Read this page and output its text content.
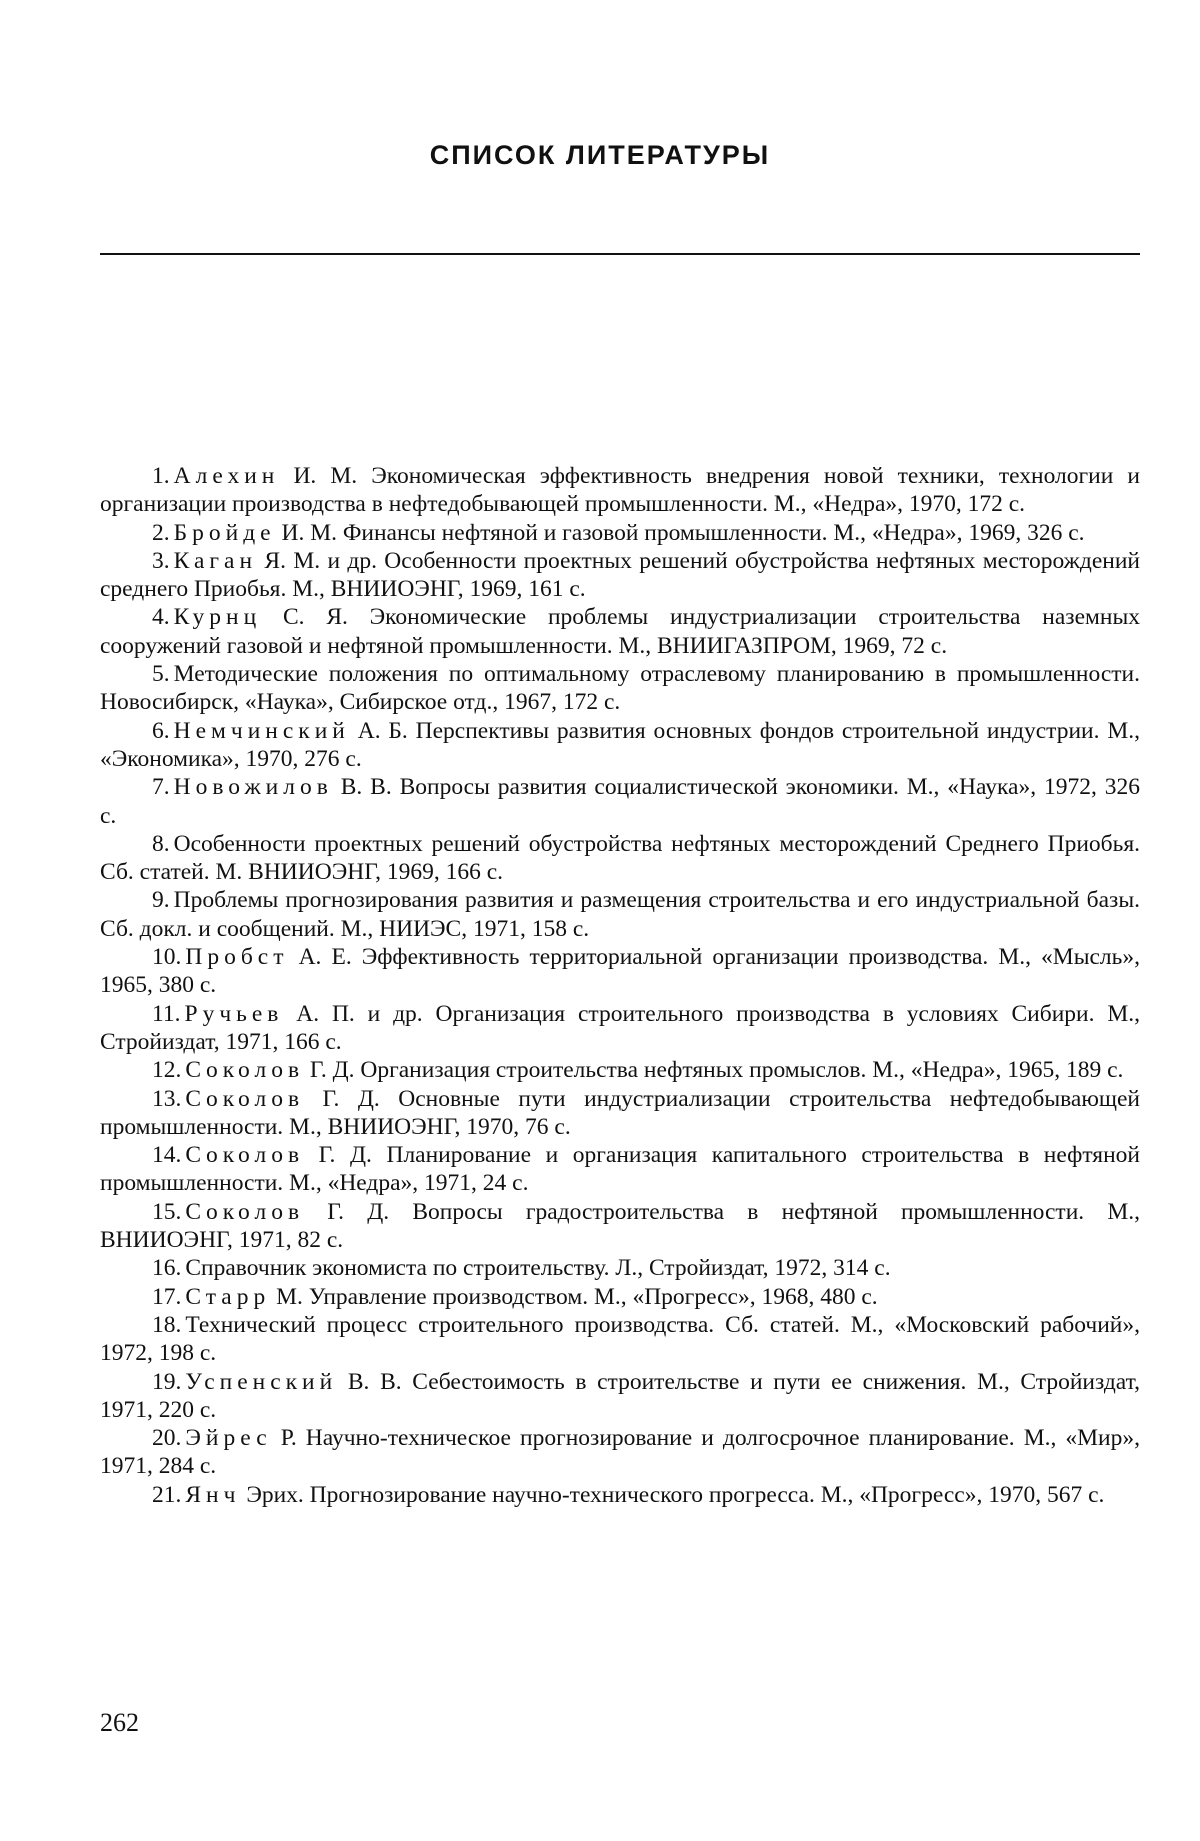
СПИСОК ЛИТЕРАТУРЫ
1. Алехин И. М. Экономическая эффективность внедрения новой техники, технологии и организации производства в нефтедобывающей промышленности. М., «Недра», 1970, 172 с.
2. Бройде И. М. Финансы нефтяной и газовой промышленности. М., «Недра», 1969, 326 с.
3. Каган Я. М. и др. Особенности проектных решений обустройства нефтяных месторождений среднего Приобья. М., ВНИИОЭНГ, 1969, 161 с.
4. Курнц С. Я. Экономические проблемы индустриализации строительства наземных сооружений газовой и нефтяной промышленности. М., ВНИИГАЗПРОМ, 1969, 72 с.
5. Методические положения по оптимальному отраслевому планированию в промышленности. Новосибирск, «Наука», Сибирское отд., 1967, 172 с.
6. Немчинский А. Б. Перспективы развития основных фондов строительной индустрии. М., «Экономика», 1970, 276 с.
7. Новожилов В. В. Вопросы развития социалистической экономики. М., «Наука», 1972, 326 с.
8. Особенности проектных решений обустройства нефтяных месторождений Среднего Приобья. Сб. статей. М. ВНИИОЭНГ, 1969, 166 с.
9. Проблемы прогнозирования развития и размещения строительства и его индустриальной базы. Сб. докл. и сообщений. М., НИИЭС, 1971, 158 с.
10. Пробст А. Е. Эффективность территориальной организации производства. М., «Мысль», 1965, 380 с.
11. Ручьев А. П. и др. Организация строительного производства в условиях Сибири. М., Стройиздат, 1971, 166 с.
12. Соколов Г. Д. Организация строительства нефтяных промыслов. М., «Недра», 1965, 189 с.
13. Соколов Г. Д. Основные пути индустриализации строительства нефтедобывающей промышленности. М., ВНИИОЭНГ, 1970, 76 с.
14. Соколов Г. Д. Планирование и организация капитального строительства в нефтяной промышленности. М., «Недра», 1971, 24 с.
15. Соколов Г. Д. Вопросы градостроительства в нефтяной промышленности. М., ВНИИОЭНГ, 1971, 82 с.
16. Справочник экономиста по строительству. Л., Стройиздат, 1972, 314 с.
17. Старр М. Управление производством. М., «Прогресс», 1968, 480 с.
18. Технический процесс строительного производства. Сб. статей. М., «Московский рабочий», 1972, 198 с.
19. Успенский В. В. Себестоимость в строительстве и пути ее снижения. М., Стройиздат, 1971, 220 с.
20. Эйрес Р. Научно-техническое прогнозирование и долгосрочное планирование. М., «Мир», 1971, 284 с.
21. Янч Эрих. Прогнозирование научно-технического прогресса. М., «Прогресс», 1970, 567 с.

262
